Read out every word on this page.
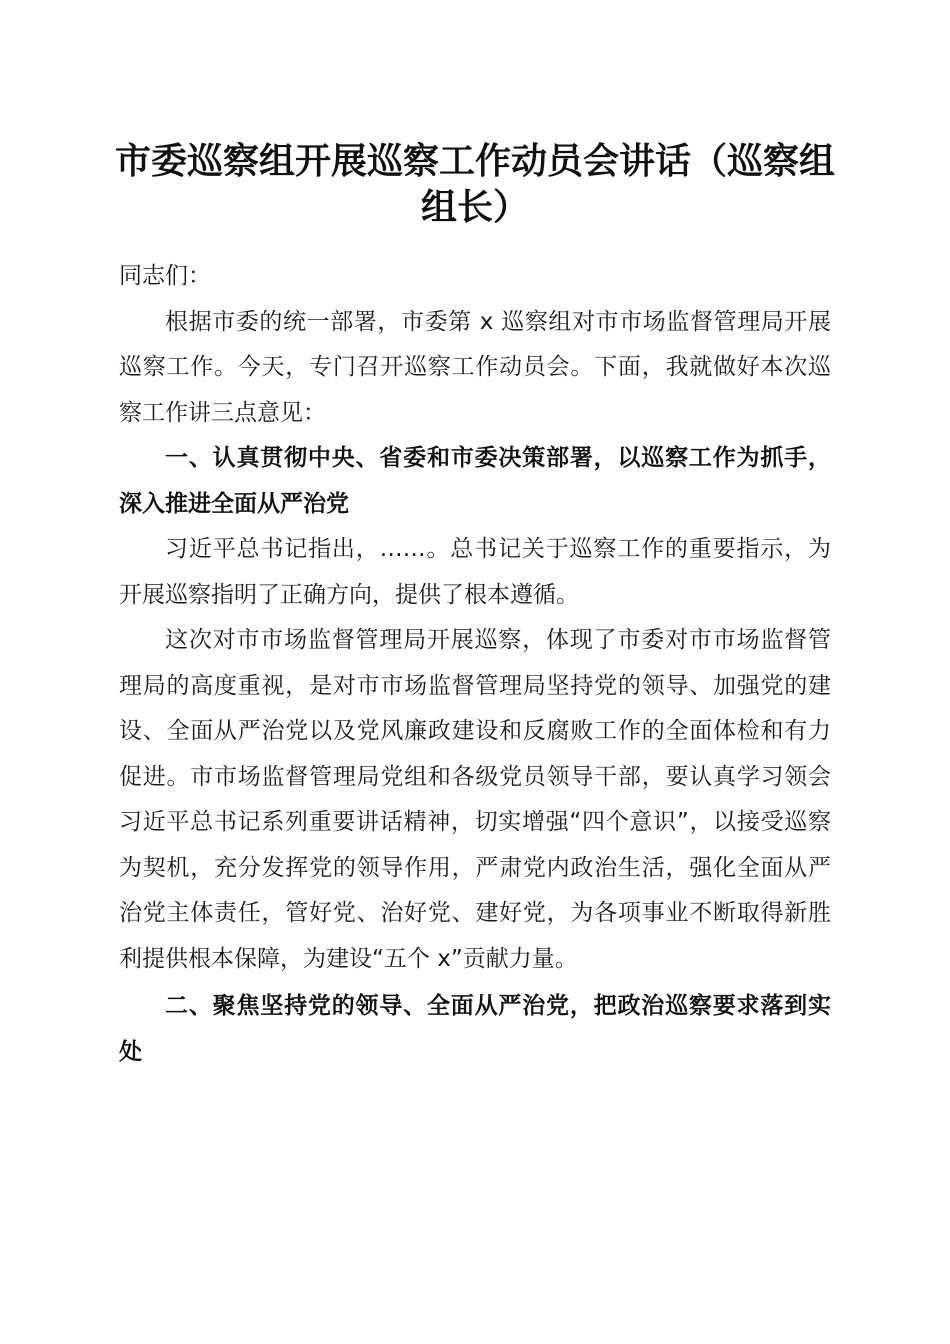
市委巡察组开展巡察工作动员会讲话（巡察组组长）

同志们：

根据市委的统一部署，市委第 x 巡察组对市市场监督管理局开展巡察工作。今天，专门召开巡察工作动员会。下面，我就做好本次巡察工作讲三点意见：

一、认真贯彻中央、省委和市委决策部署，以巡察工作为抓手，深入推进全面从严治党

习近平总书记指出，……。总书记关于巡察工作的重要指示，为开展巡察指明了正确方向，提供了根本遵循。

这次对市市场监督管理局开展巡察，体现了市委对市市场监督管理局的高度重视，是对市市场监督管理局坚持党的领导、加强党的建设、全面从严治党以及党风廉政建设和反腐败工作的全面体检和有力促进。市市场监督管理局党组和各级党员领导干部，要认真学习领会习近平总书记系列重要讲话精神，切实增强“四个意识”，以接受巡察为契机，充分发挥党的领导作用，严肃党内政治生活，强化全面从严治党主体责任，管好党、治好党、建好党，为各项事业不断取得新胜利提供根本保障，为建设“五个 x”贡献力量。

二、聚焦坚持党的领导、全面从严治党，把政治巡察要求落到实处
